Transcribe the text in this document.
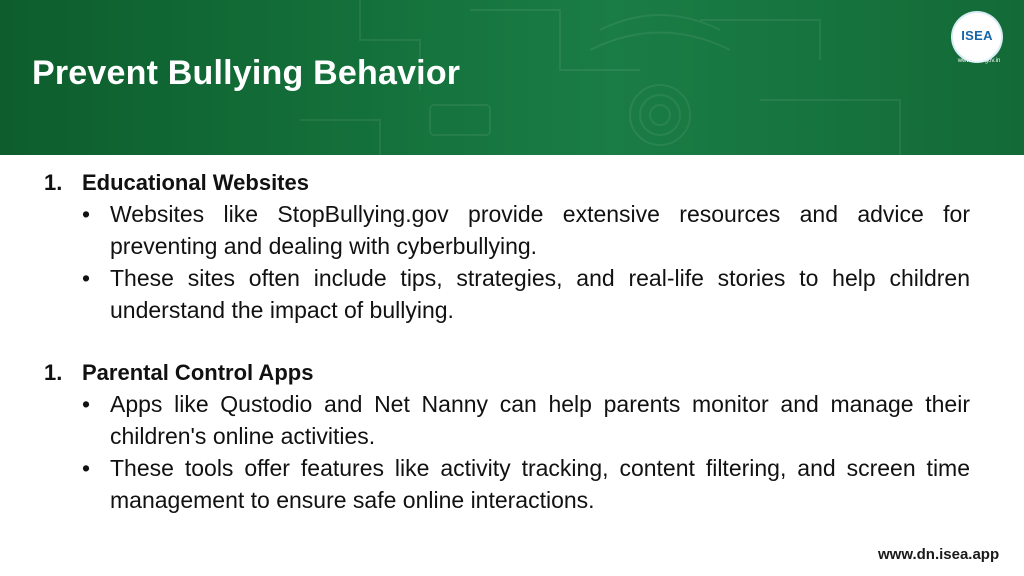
Prevent Bullying Behavior
ISEA
www.isea.gov.in
1. Educational Websites
• Websites like StopBullying.gov provide extensive resources and advice for preventing and dealing with cyberbullying.
• These sites often include tips, strategies, and real-life stories to help children understand the impact of bullying.
1. Parental Control Apps
• Apps like Qustodio and Net Nanny can help parents monitor and manage their children's online activities.
• These tools offer features like activity tracking, content filtering, and screen time management to ensure safe online interactions.
www.dn.isea.app
